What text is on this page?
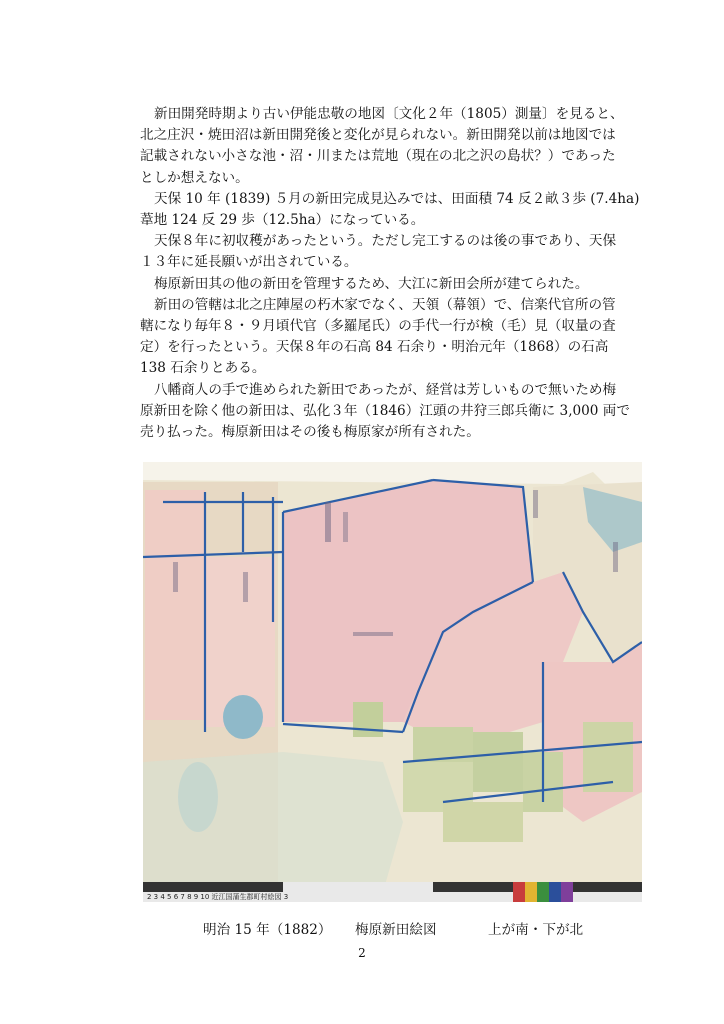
新田開発時期より古い伊能忠敬の地図〔文化２年（1805）測量〕を見ると、
北之庄沢・焼田沼は新田開発後と変化が見られない。新田開発以前は地図では
記載されない小さな池・沼・川または荒地（現在の北之沢の島状？）であった
としか想えない。

天保 10 年 (1839) ５月の新田完成見込みでは、田面積 74 反２畝３歩 (7.4ha)
葦地 124 反 29 歩（12.5ha）になっている。

天保８年に初収穫があったという。ただし完工するのは後の事であり、天保
１３年に延長願いが出されている。

梅原新田其の他の新田を管理するため、大江に新田会所が建てられた。

新田の管轄は北之庄陣屋の朽木家でなく、天領（幕領）で、信楽代官所の管
轄になり毎年８・９月頃代官（多羅尾氏）の手代一行が検（毛）見（収量の査
定）を行ったという。天保８年の石高 84 石余り・明治元年（1868）の石高
138 石余りとある。

八幡商人の手で進められた新田であったが、経営は芳しいもので無いため梅
原新田を除く他の新田は、弘化３年（1846）江頭の井狩三郎兵衛に 3,000 両で
売り払った。梅原新田はその後も梅原家が所有された。

2 3 4 5 6 7 8 9 10 近江国蒲生郡町村絵図 3
明治 15 年（1882） 梅原新田絵図	上が南・下が北
2
